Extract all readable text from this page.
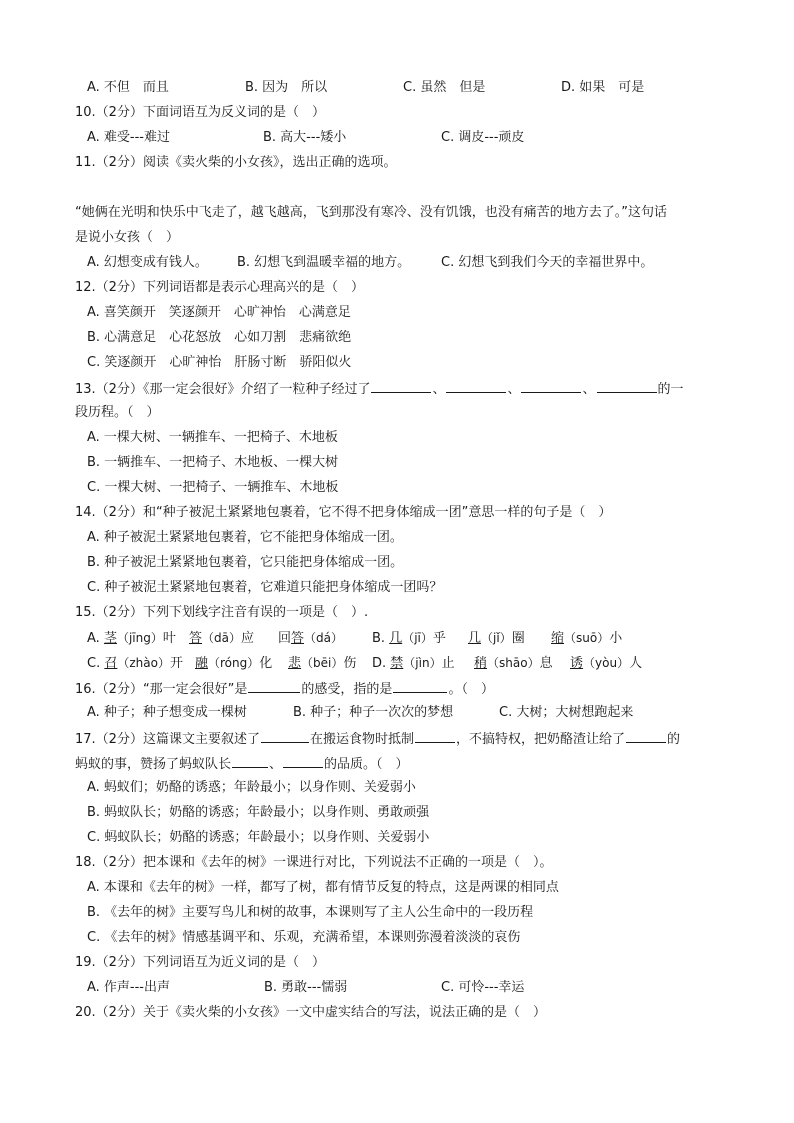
A. 不但　而且	B. 因为　所以	C. 虽然　但是	D. 如果　可是
10.（2分）下面词语互为反义词的是（　）
A. 难受---难过	B. 高大---矮小	C. 调皮---顽皮
11.（2分）阅读《卖火柴的小女孩》，选出正确的选项。
“她俩在光明和快乐中飞走了，越飞越高，飞到那没有寒冷、没有饥饿，也没有痛苦的地方去了。”这句话
是说小女孩（　）
A. 幻想变成有钱人。 B. 幻想飞到温暖幸福的地方。 C. 幻想飞到我们今天的幸福世界中。
12.（2分）下列词语都是表示心理高兴的是（　）
A. 喜笑颜开　笑逐颜开　心旷神怡　心满意足
B. 心满意足　心花怒放　心如刀割　悲痛欲绝
C. 笑逐颜开　心旷神怡　肝肠寸断　骄阳似火
13.（2分）《那一定会很好》介绍了一粒种子经过了	、	、	、	的一
段历程。（　）
A. 一棵大树、一辆推车、一把椅子、木地板
B. 一辆推车、一把椅子、木地板、一棵大树
C. 一棵大树、一把椅子、一辆推车、木地板
14.（2分）和“种子被泥土紧紧地包裹着，它不得不把身体缩成一团”意思一样的句子是（　）
A. 种子被泥土紧紧地包裹着，它不能把身体缩成一团。
B. 种子被泥土紧紧地包裹着，它只能把身体缩成一团。
C. 种子被泥土紧紧地包裹着，它难道只能把身体缩成一团吗？
15.（2分）下列下划线字注音有误的一项是（　）.
A. 茎（jīng）叶 答（dā）应 回答（dá） B. 几（jī）乎 几（jǐ）圈 缩（suō）小
C. 召（zhào）开 融（róng）化 悲（bēi）伤 D. 禁（jìn）止 稍（shāo）息 诱（yòu）人
16.（2分）“那一定会很好”是	的感受，指的是	。（　）
A. 种子；种子想变成一棵树	B. 种子；种子一次次的梦想	C. 大树；大树想跑起来
17.（2分）这篇课文主要叙述了	在搬运食物时抵制	，不搞特权，把奶酪渣让给了	的
蚂蚁的事，赞扬了蚂蚁队长	、	的品质。（　）
A. 蚂蚁们；奶酪的诱惑；年龄最小；以身作则、关爱弱小
B. 蚂蚁队长；奶酪的诱惑；年龄最小；以身作则、勇敢顽强
C. 蚂蚁队长；奶酪的诱惑；年龄最小；以身作则、关爱弱小
18.（2分）把本课和《去年的树》一课进行对比，下列说法不正确的一项是（　）。
A. 本课和《去年的树》一样，都写了树，都有情节反复的特点，这是两课的相同点
B. 《去年的树》主要写鸟儿和树的故事，本课则写了主人公生命中的一段历程
C. 《去年的树》情感基调平和、乐观，充满希望，本课则弥漫着淡淡的哀伤
19.（2分）下列词语互为近义词的是（　）
A. 作声---出声	B. 勇敢---懦弱	C. 可怜---幸运
20.（2分）关于《卖火柴的小女孩》一文中虚实结合的写法，说法正确的是（　）
